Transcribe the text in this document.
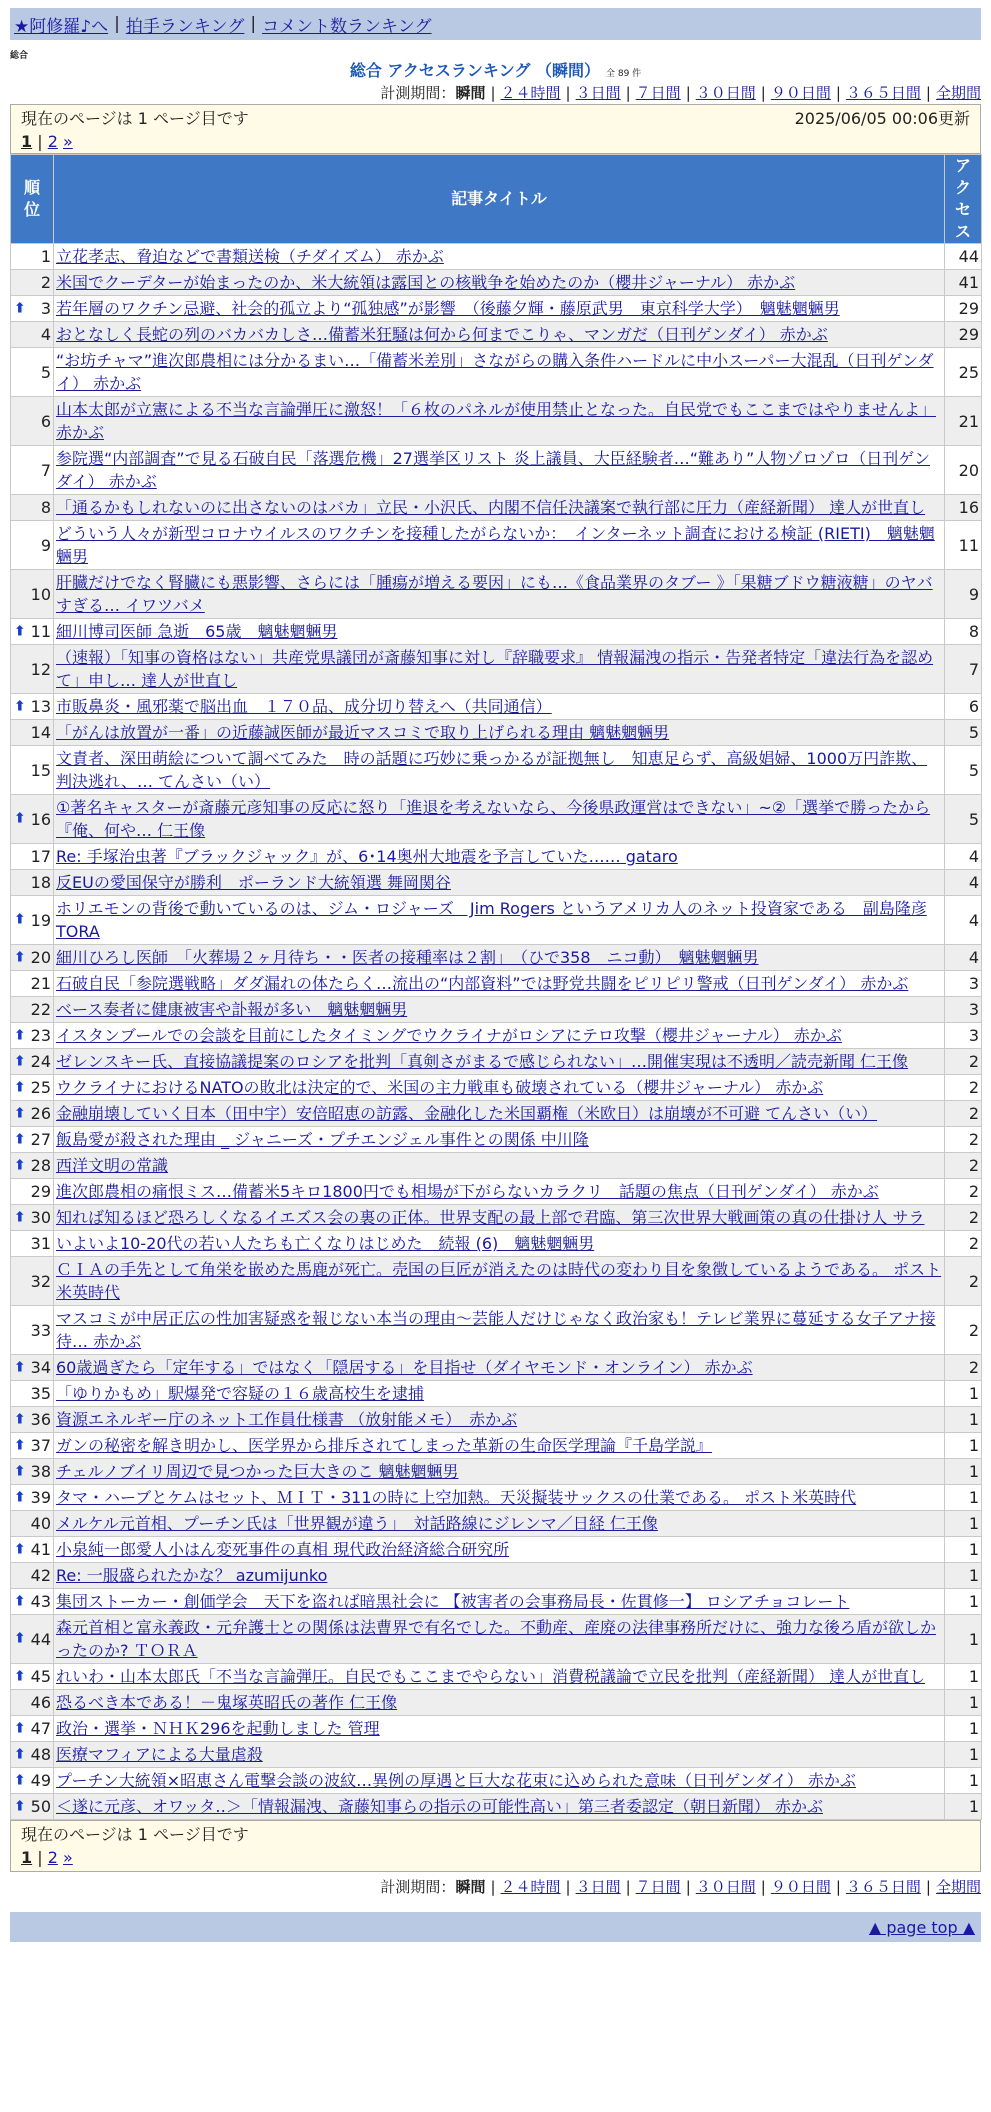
★阿修羅♪へ | 拍手ランキング | コメント数ランキング
総合
総合 アクセスランキング （瞬間） 全 89 件
計測期間：瞬間 | ２４時間 | ３日間 | ７日間 | ３０日間 | ９０日間 | ３６５日間 | 全期間
現在のページは 1 ページ目です	2025/06/05 00:06更新
1 | 2 »
順位	記事タイトル	アクセス
1	立花孝志、脅迫などで書類送検（チダイズム） 赤かぶ	44
2	米国でクーデターが始まったのか、米大統領は露国との核戦争を始めたのか（櫻井ジャーナル） 赤かぶ	41

⬆ 3	若年層のワクチン忌避、社会的孤立より“孤独感”が影響　（後藤夕輝・藤原武男　東京科学大学）　魑魅魍魎男	29
4	おとなしく長蛇の列のバカバカしさ…備蓄米狂騒は何から何までこりゃ、マンガだ（日刊ゲンダイ） 赤かぶ	29
5	“お坊チャマ”進次郎農相には分かるまい…「備蓄米差別」さながらの購入条件ハードルに中小スーパー大混乱（日刊ゲンダイ） 赤かぶ	25
6	山本太郎が立憲による不当な言論弾圧に激怒！「６枚のパネルが使用禁止となった。自民党でもここまではやりませんよ」 赤かぶ	21
7	参院選“内部調査”で見る石破自民「落選危機」27選挙区リスト 炎上議員、大臣経験者…“難あり”人物ゾロゾロ（日刊ゲンダイ） 赤かぶ	20
8	「通るかもしれないのに出さないのはバカ」立民・小沢氏、内閣不信任決議案で執行部に圧力（産経新聞） 達人が世直し	16
9	どういう人々が新型コロナウイルスのワクチンを接種したがらないか：　インターネット調査における検証 (RIETI)　魑魅魍魎男	11
10	肝臓だけでなく腎臓にも悪影響、さらには「腫瘍が増える要因」にも…《食品業界のタブー 》「果糖ブドウ糖液糖」のヤバすぎる… イワツバメ	9

⬆ 11	細川博司医師 急逝　65歳　魑魅魍魎男	8
12	（速報）「知事の資格はない」共産党県議団が斎藤知事に対し『辞職要求』 情報漏洩の指示・告発者特定「違法行為を認めて」申し… 達人が世直し	7

⬆ 13	市販鼻炎・風邪薬で脳出血　１７０品、成分切り替えへ（共同通信）	6
14	「がんは放置が一番」の近藤誠医師が最近マスコミで取り上げられる理由 魑魅魍魎男	5
15	文責者、深田萌絵について調べてみた　時の話題に巧妙に乗っかるが証拠無し　知恵足らず、高級娼婦、1000万円詐欺、判決逃れ、… てんさい（い）	5

⬆ 16	①著名キャスターが斎藤元彦知事の反応に怒り「進退を考えないなら、今後県政運営はできない」~②「選挙で勝ったから『俺、何や… 仁王像	5
17	Re: 手塚治虫著『ブラックジャック』が、6･14奥州大地震を予言していた…… gataro	4
18	反EUの愛国保守が勝利　ポーランド大統領選 舞岡関谷	4

⬆ 19	ホリエモンの背後で動いているのは、ジム・ロジャーズ　Jim Rogers というアメリカ人のネット投資家である　副島隆彦 TORA	4

⬆ 20	細川ひろし医師　「火葬場２ヶ月待ち・・医者の接種率は２割」　（ひで358　ニコ動）　魑魅魍魎男	4
21	石破自民「参院選戦略」ダダ漏れの体たらく…流出の“内部資料”では野党共闘をピリピリ警戒（日刊ゲンダイ） 赤かぶ	3
22	ベース奏者に健康被害や訃報が多い　魑魅魍魎男	3

⬆ 23	イスタンブールでの会談を目前にしたタイミングでウクライナがロシアにテロ攻撃（櫻井ジャーナル） 赤かぶ	3

⬆ 24	ゼレンスキー氏、直接協議提案のロシアを批判「真剣さがまるで感じられない」…開催実現は不透明／読売新聞 仁王像	2

⬆ 25	ウクライナにおけるNATOの敗北は決定的で、米国の主力戦車も破壊されている（櫻井ジャーナル） 赤かぶ	2

⬆ 26	金融崩壊していく日本（田中宇）安倍昭恵の訪露、金融化した米国覇権（米欧日）は崩壊が不可避 てんさい（い）	2

⬆ 27	飯島愛が殺された理由 _ ジャニーズ・プチエンジェル事件との関係 中川隆	2

⬆ 28	西洋文明の常識	2
29	進次郎農相の痛恨ミス…備蓄米5キロ1800円でも相場が下がらないカラクリ　話題の焦点（日刊ゲンダイ） 赤かぶ	2

⬆ 30	知れば知るほど恐ろしくなるイエズス会の裏の正体。世界支配の最上部で君臨、第三次世界大戦画策の真の仕掛け人 サラ	2
31	いよいよ10-20代の若い人たちも亡くなりはじめた　続報 (6)　魑魅魍魎男	2
32	ＣＩＡの手先として角栄を嵌めた馬鹿が死亡。売国の巨匠が消えたのは時代の変わり目を象徴しているようである。 ポスト米英時代	2
33	マスコミが中居正広の性加害疑惑を報じない本当の理由〜芸能人だけじゃなく政治家も！テレビ業界に蔓延する女子アナ接待… 赤かぶ	2

⬆ 34	60歳過ぎたら「定年する」ではなく「隠居する」を目指せ（ダイヤモンド・オンライン） 赤かぶ	2
35	「ゆりかもめ」駅爆発で容疑の１６歳高校生を逮捕	1

⬆ 36	資源エネルギー庁のネット工作員仕様書 （放射能メモ）　赤かぶ	1

⬆ 37	ガンの秘密を解き明かし、医学界から排斥されてしまった革新の生命医学理論『千島学説』	1

⬆ 38	チェルノブイリ周辺で見つかった巨大きのこ 魑魅魍魎男	1

⬆ 39	タマ・ハーブとケムはセット、ＭＩＴ・311の時に上空加熱。天災擬装サックスの仕業である。 ポスト米英時代	1
40	メルケル元首相、プーチン氏は「世界観が違う」　対話路線にジレンマ／日経 仁王像	1

⬆ 41	小泉純一郎愛人小はん変死事件の真相 現代政治経済総合研究所	1
42	Re: 一服盛られたかな？ azumijunko	1

⬆ 43	集団ストーカー・創価学会　天下を盗れば暗黒社会に 【被害者の会事務局長・佐貫修一】 ロシアチョコレート	1

⬆ 44	森元首相と富永義政・元弁護士との関係は法曹界で有名でした。不動産、産廃の法律事務所だけに、強力な後ろ盾が欲しかったのか? ＴＯＲＡ	1

⬆ 45	れいわ・山本太郎氏「不当な言論弾圧。自民でもここまでやらない」消費税議論で立民を批判（産経新聞） 達人が世直し	1
46	恐るべき本である！－鬼塚英昭氏の著作 仁王像	1

⬆ 47	政治・選挙・ＮＨＫ296を起動しました 管理	1

⬆ 48	医療マフィアによる大量虐殺	1

⬆ 49	プーチン大統領×昭恵さん電撃会談の波紋…異例の厚遇と巨大な花束に込められた意味（日刊ゲンダイ） 赤かぶ	1

⬆ 50	＜遂に元彦、オワッタ‥＞「情報漏洩、斎藤知事らの指示の可能性高い」第三者委認定（朝日新聞） 赤かぶ	1
現在のページは 1 ページ目です
1 | 2 »
計測期間：瞬間 | ２４時間 | ３日間 | ７日間 | ３０日間 | ９０日間 | ３６５日間 | 全期間
▲ page top ▲
